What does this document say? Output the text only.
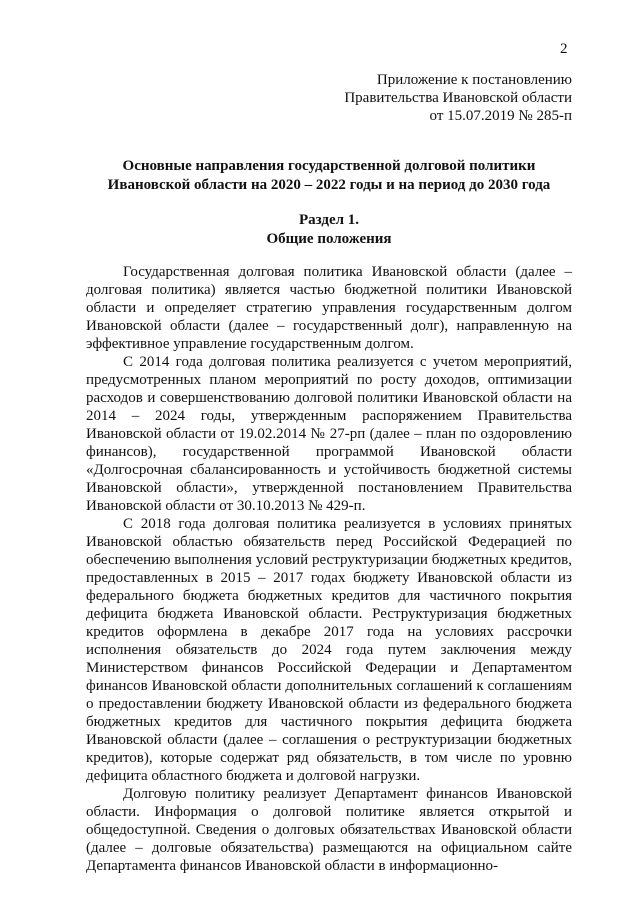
2
Приложение к постановлению
Правительства Ивановской области
от 15.07.2019 № 285-п
Основные направления государственной долговой политики
Ивановской области на 2020 – 2022 годы и на период до 2030 года
Раздел 1.
Общие положения

Государственная долговая политика Ивановской области (далее – долговая политика) является частью бюджетной политики Ивановской области и определяет стратегию управления государственным долгом Ивановской области (далее – государственный долг), направленную на эффективное управление государственным долгом.

С 2014 года долговая политика реализуется с учетом мероприятий, предусмотренных планом мероприятий по росту доходов, оптимизации расходов и совершенствованию долговой политики Ивановской области на 2014 – 2024 годы, утвержденным распоряжением Правительства Ивановской области от 19.02.2014 № 27-рп (далее – план по оздоровлению финансов), государственной программой Ивановской области «Долгосрочная сбалансированность и устойчивость бюджетной системы Ивановской области», утвержденной постановлением Правительства Ивановской области от 30.10.2013 № 429-п.

С 2018 года долговая политика реализуется в условиях принятых Ивановской областью обязательств перед Российской Федерацией по обеспечению выполнения условий реструктуризации бюджетных кредитов, предоставленных в 2015 – 2017 годах бюджету Ивановской области из федерального бюджета бюджетных кредитов для частичного покрытия дефицита бюджета Ивановской области. Реструктуризация бюджетных кредитов оформлена в декабре 2017 года на условиях рассрочки исполнения обязательств до 2024 года путем заключения между Министерством финансов Российской Федерации и Департаментом финансов Ивановской области дополнительных соглашений к соглашениям о предоставлении бюджету Ивановской области из федерального бюджета бюджетных кредитов для частичного покрытия дефицита бюджета Ивановской области (далее – соглашения о реструктуризации бюджетных кредитов), которые содержат ряд обязательств, в том числе по уровню дефицита областного бюджета и долговой нагрузки.

Долговую политику реализует Департамент финансов Ивановской области. Информация о долговой политике является открытой и общедоступной. Сведения о долговых обязательствах Ивановской области (далее – долговые обязательства) размещаются на официальном сайте Департамента финансов Ивановской области в информационно-
